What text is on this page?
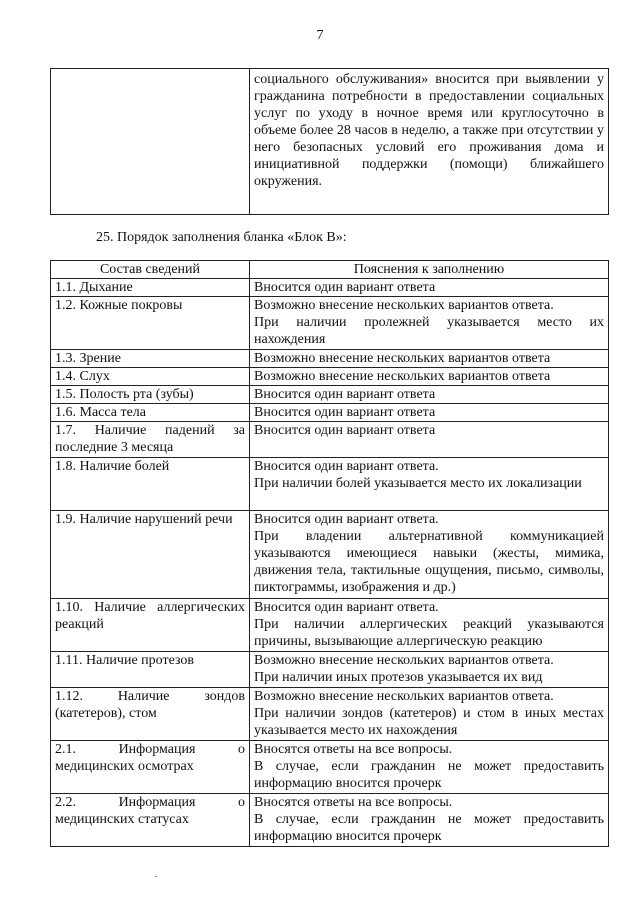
7
	социального обслуживания» вносится при выявлении у гражданина потребности в предоставлении социальных услуг по уходу в ночное время или круглосуточно в объеме более 28 часов в неделю, а также при отсутствии у него безопасных условий его проживания дома и инициативной поддержки (помощи) ближайшего окружения.
25. Порядок заполнения бланка «Блок В»:
Состав сведений	Пояснения к заполнению
1.1. Дыхание	Вносится один вариант ответа

1.2. Кожные покровы	Возможно внесение нескольких вариантов ответа.
При наличии пролежней указывается место их нахождения

1.3. Зрение	Возможно внесение нескольких вариантов ответа

1.4. Слух	Возможно внесение нескольких вариантов ответа

1.5. Полость рта (зубы)	Вносится один вариант ответа

1.6. Масса тела	Вносится один вариант ответа

1.7. Наличие падений за последние 3 месяца	Вносится один вариант ответа

1.8. Наличие болей	Вносится один вариант ответа.
При наличии болей указывается место их локализации

1.9. Наличие нарушений речи	Вносится один вариант ответа.
При владении альтернативной коммуникацией указываются имеющиеся навыки (жесты, мимика, движения тела, тактильные ощущения, письмо, символы, пиктограммы, изображения и др.)

1.10. Наличие аллергических реакций	Вносится один вариант ответа.
При наличии аллергических реакций указываются причины, вызывающие аллергическую реакцию

1.11. Наличие протезов	Возможно внесение нескольких вариантов ответа.
При наличии иных протезов указывается их вид

1.12. Наличие зондов (катетеров), стом	Возможно внесение нескольких вариантов ответа.
При наличии зондов (катетеров) и стом в иных местах указывается место их нахождения

2.1. Информация о медицинских осмотрах	Вносятся ответы на все вопросы.
В случае, если гражданин не может предоставить информацию вносится прочерк

2.2. Информация о медицинских статусах	Вносятся ответы на все вопросы.
В случае, если гражданин не может предоставить информацию вносится прочерк
